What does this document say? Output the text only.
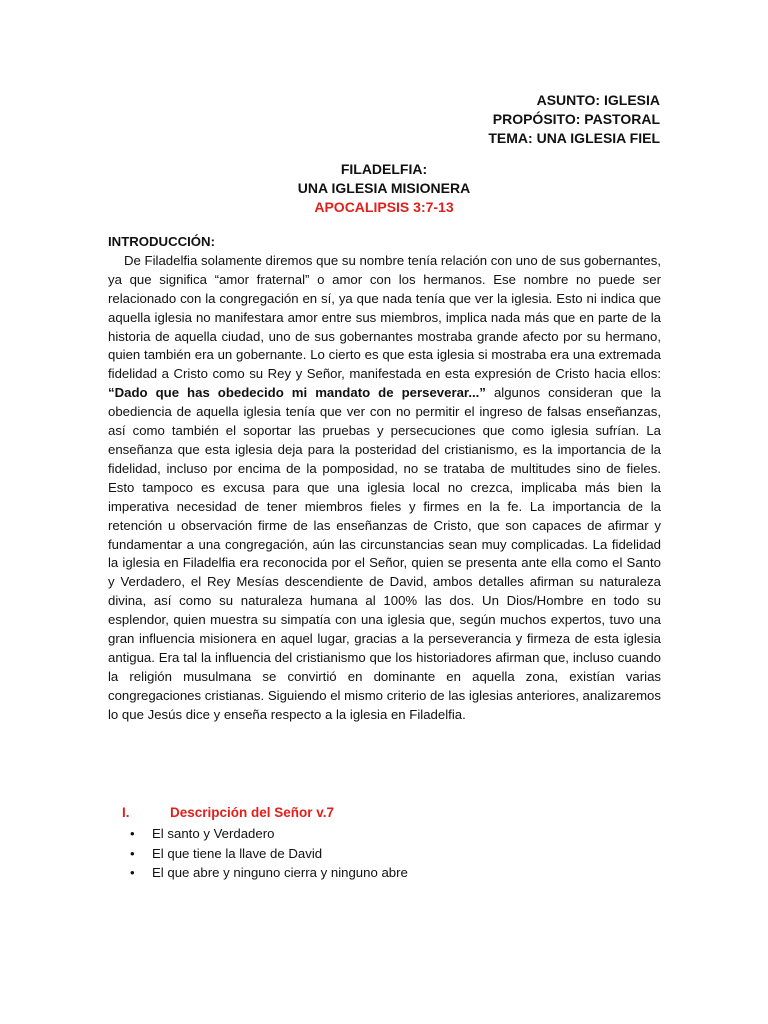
ASUNTO: IGLESIA
PROPÓSITO: PASTORAL
TEMA: UNA IGLESIA FIEL
FILADELFIA:
UNA IGLESIA MISIONERA
APOCALIPSIS 3:7-13
INTRODUCCIÓN:

De Filadelfia solamente diremos que su nombre tenía relación con uno de sus gobernantes, ya que significa “amor fraternal” o amor con los hermanos. Ese nombre no puede ser relacionado con la congregación en sí, ya que nada tenía que ver la iglesia. Esto ni indica que aquella iglesia no manifestara amor entre sus miembros, implica nada más que en parte de la historia de aquella ciudad, uno de sus gobernantes mostraba grande afecto por su hermano, quien también era un gobernante. Lo cierto es que esta iglesia si mostraba era una extremada fidelidad a Cristo como su Rey y Señor, manifestada en esta expresión de Cristo hacia ellos: “Dado que has obedecido mi mandato de perseverar...” algunos consideran que la obediencia de aquella iglesia tenía que ver con no permitir el ingreso de falsas enseñanzas, así como también el soportar las pruebas y persecuciones que como iglesia sufrían. La enseñanza que esta iglesia deja para la posteridad del cristianismo, es la importancia de la fidelidad, incluso por encima de la pomposidad, no se trataba de multitudes sino de fieles. Esto tampoco es excusa para que una iglesia local no crezca, implicaba más bien la imperativa necesidad de tener miembros fieles y firmes en la fe. La importancia de la retención u observación firme de las enseñanzas de Cristo, que son capaces de afirmar y fundamentar a una congregación, aún las circunstancias sean muy complicadas. La fidelidad la iglesia en Filadelfia era reconocida por el Señor, quien se presenta ante ella como el Santo y Verdadero, el Rey Mesías descendiente de David, ambos detalles afirman su naturaleza divina, así como su naturaleza humana al 100% las dos. Un Dios/Hombre en todo su esplendor, quien muestra su simpatía con una iglesia que, según muchos expertos, tuvo una gran influencia misionera en aquel lugar, gracias a la perseverancia y firmeza de esta iglesia antigua. Era tal la influencia del cristianismo que los historiadores afirman que, incluso cuando la religión musulmana se convirtió en dominante en aquella zona, existían varias congregaciones cristianas. Siguiendo el mismo criterio de las iglesias anteriores, analizaremos lo que Jesús dice y enseña respecto a la iglesia en Filadelfia.

I.	Descripción del Señor v.7
• El santo y Verdadero
• El que tiene la llave de David
• El que abre y ninguno cierra y ninguno abre
